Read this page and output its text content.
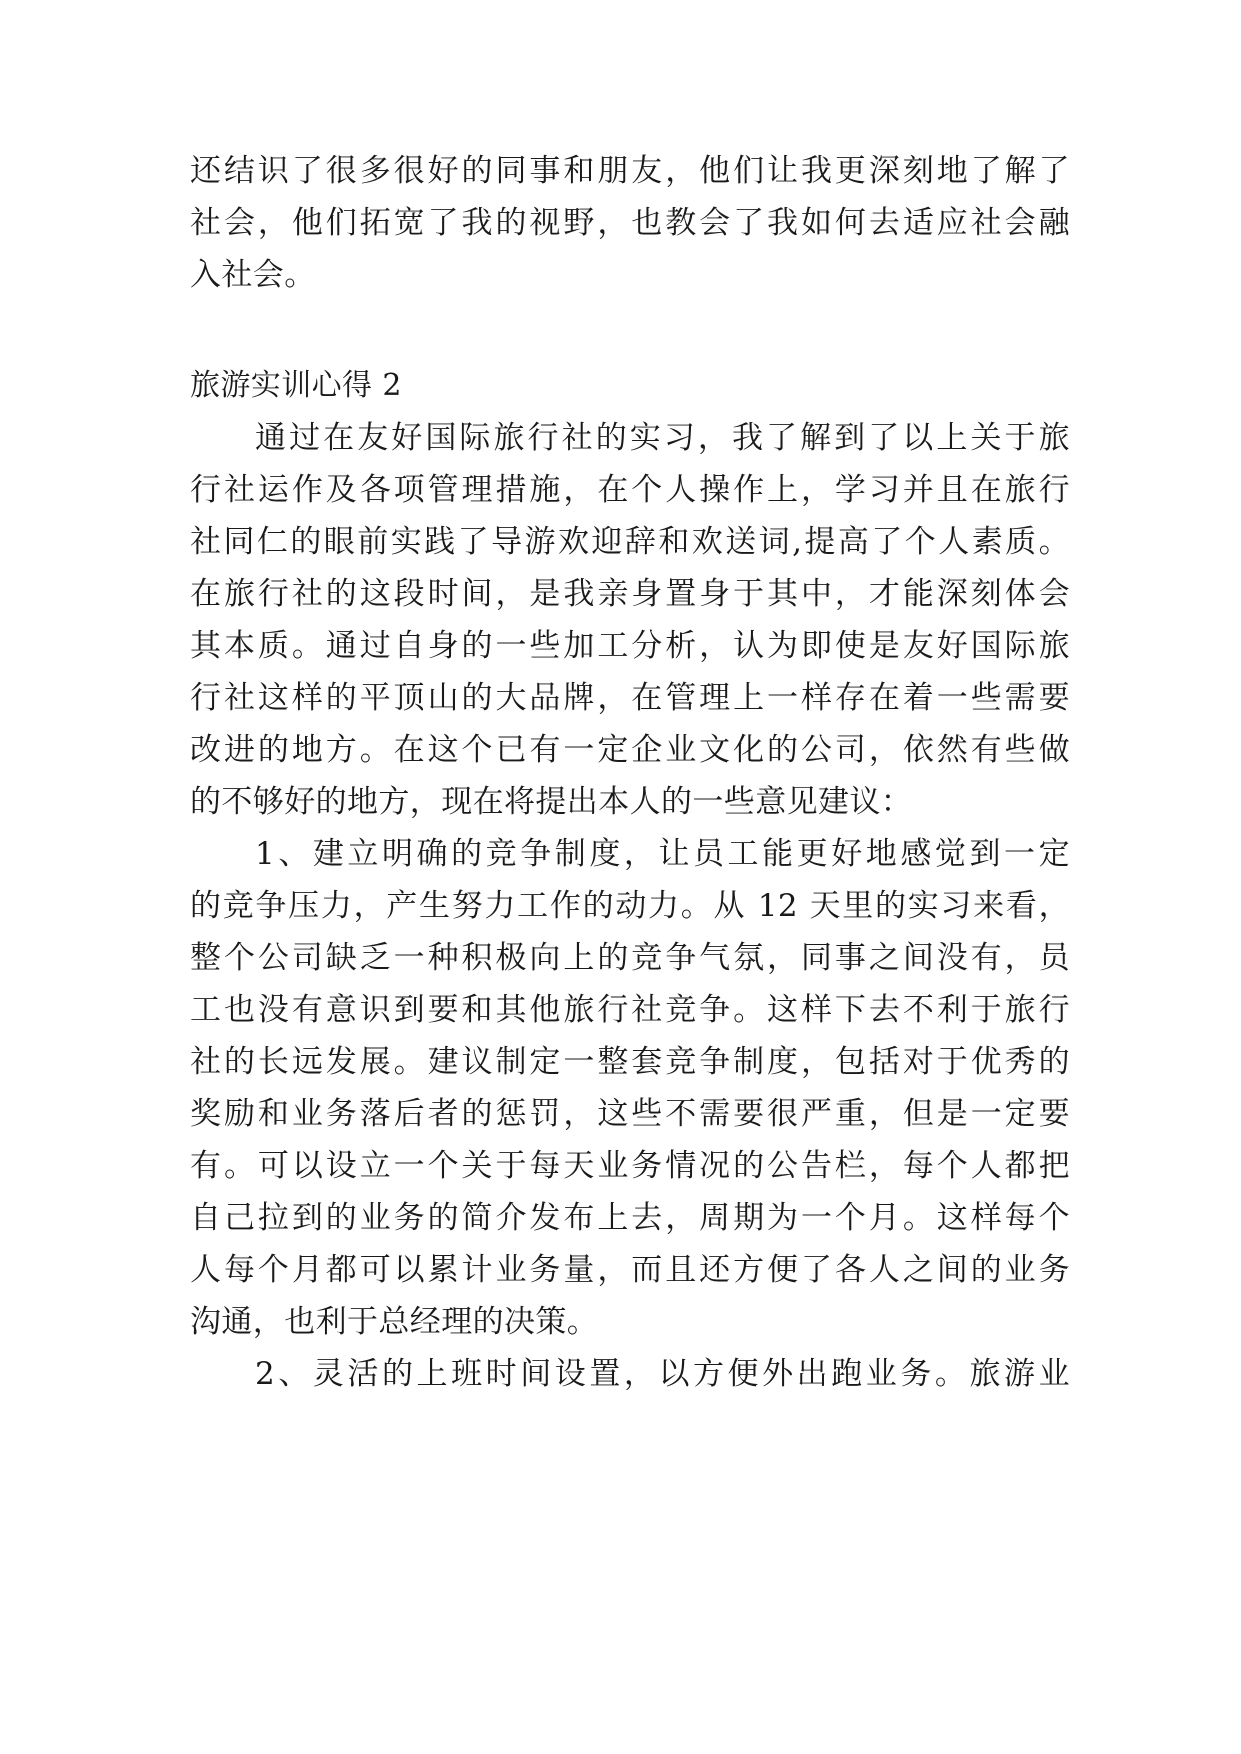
还结识了很多很好的同事和朋友，他们让我更深刻地了解了
社会，他们拓宽了我的视野，也教会了我如何去适应社会融
入社会。
旅游实训心得 2
通过在友好国际旅行社的实习，我了解到了以上关于旅
行社运作及各项管理措施，在个人操作上，学习并且在旅行
社同仁的眼前实践了导游欢迎辞和欢送词,提高了个人素质。
在旅行社的这段时间，是我亲身置身于其中，才能深刻体会
其本质。通过自身的一些加工分析，认为即使是友好国际旅
行社这样的平顶山的大品牌，在管理上一样存在着一些需要
改进的地方。在这个已有一定企业文化的公司，依然有些做
的不够好的地方，现在将提出本人的一些意见建议：
1、建立明确的竞争制度，让员工能更好地感觉到一定
的竞争压力，产生努力工作的动力。从 12 天里的实习来看，
整个公司缺乏一种积极向上的竞争气氛，同事之间没有，员
工也没有意识到要和其他旅行社竞争。这样下去不利于旅行
社的长远发展。建议制定一整套竞争制度，包括对于优秀的
奖励和业务落后者的惩罚，这些不需要很严重，但是一定要
有。可以设立一个关于每天业务情况的公告栏，每个人都把
自己拉到的业务的简介发布上去，周期为一个月。这样每个
人每个月都可以累计业务量，而且还方便了各人之间的业务
沟通，也利于总经理的决策。
2、灵活的上班时间设置，以方便外出跑业务。旅游业
